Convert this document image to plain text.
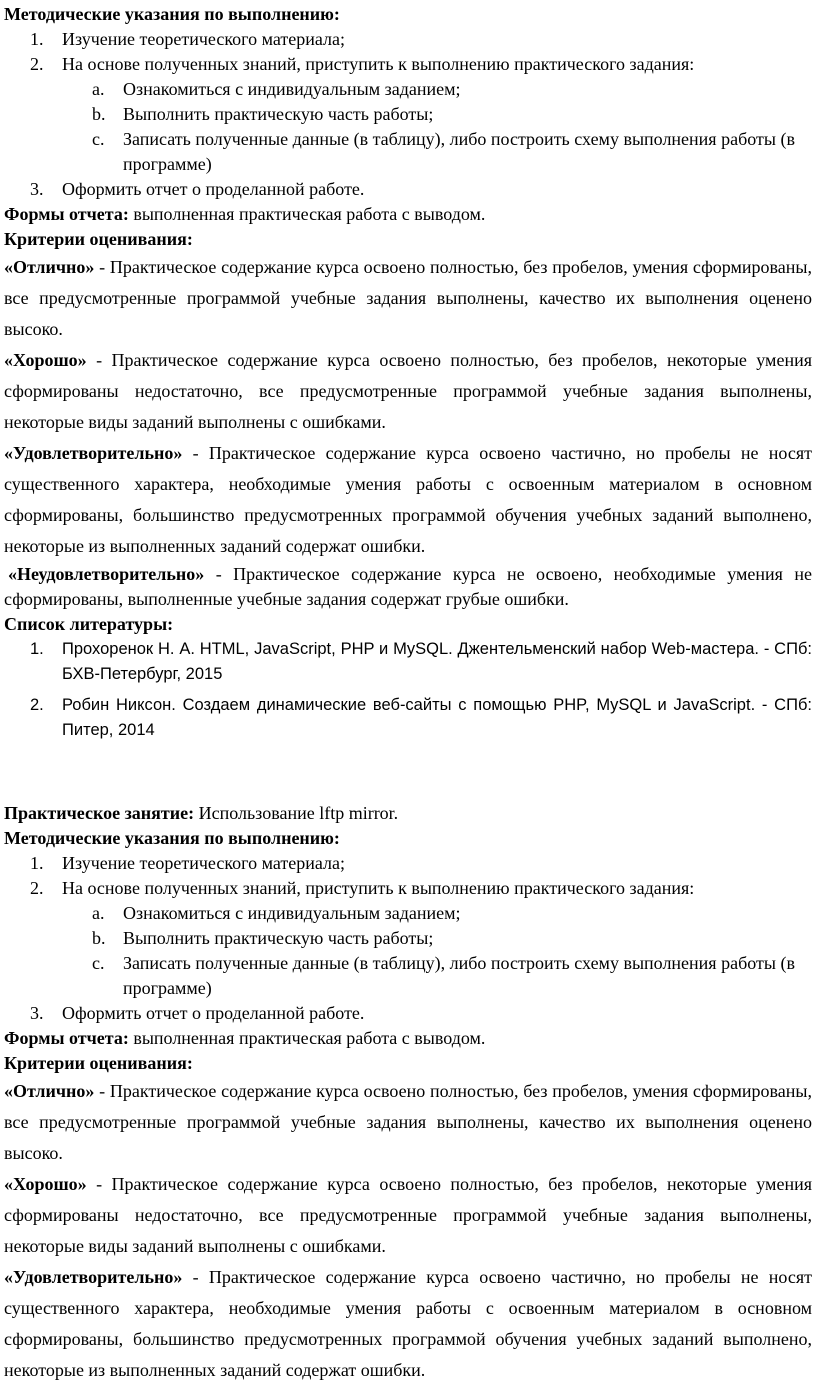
Методические указания по выполнению:

1. Изучение теоретического материала;
2. На основе полученных знаний, приступить к выполнению практического задания:
a. Ознакомиться с индивидуальным заданием;
b. Выполнить практическую часть работы;
c. Записать полученные данные (в таблицу), либо построить схему выполнения работы (в программе)
3. Оформить отчет о проделанной работе.

Формы отчета: выполненная практическая работа с выводом.

Критерии оценивания:

«Отлично» - Практическое содержание курса освоено полностью, без пробелов, умения сформированы, все предусмотренные программой учебные задания выполнены, качество их выполнения оценено высоко.

«Хорошо» - Практическое содержание курса освоено полностью, без пробелов, некоторые умения сформированы недостаточно, все предусмотренные программой учебные задания выполнены, некоторые виды заданий выполнены с ошибками.

«Удовлетворительно» - Практическое содержание курса освоено частично, но пробелы не носят существенного характера, необходимые умения работы с освоенным материалом в основном сформированы, большинство предусмотренных программой обучения учебных заданий выполнено, некоторые из выполненных заданий содержат ошибки.

«Неудовлетворительно» - Практическое содержание курса не освоено, необходимые умения не сформированы, выполненные учебные задания содержат грубые ошибки.

Список литературы:

1. Прохоренок Н. А. HTML, JavaScript, PHP и MySQL. Джентельменский набор Web-мастера. - СПб: БХВ-Петербург, 2015
2. Робин Никсон. Создаем динамические веб-сайты с помощью PHP, MySQL и JavaScript. - СПб: Питер, 2014

Практическое занятие: Использование lftp mirror.

Методические указания по выполнению:

1. Изучение теоретического материала;
2. На основе полученных знаний, приступить к выполнению практического задания:
a. Ознакомиться с индивидуальным заданием;
b. Выполнить практическую часть работы;
c. Записать полученные данные (в таблицу), либо построить схему выполнения работы (в программе)
3. Оформить отчет о проделанной работе.

Формы отчета: выполненная практическая работа с выводом.

Критерии оценивания:

«Отлично» - Практическое содержание курса освоено полностью, без пробелов, умения сформированы, все предусмотренные программой учебные задания выполнены, качество их выполнения оценено высоко.

«Хорошо» - Практическое содержание курса освоено полностью, без пробелов, некоторые умения сформированы недостаточно, все предусмотренные программой учебные задания выполнены, некоторые виды заданий выполнены с ошибками.

«Удовлетворительно» - Практическое содержание курса освоено частично, но пробелы не носят существенного характера, необходимые умения работы с освоенным материалом в основном сформированы, большинство предусмотренных программой обучения учебных заданий выполнено, некоторые из выполненных заданий содержат ошибки.
